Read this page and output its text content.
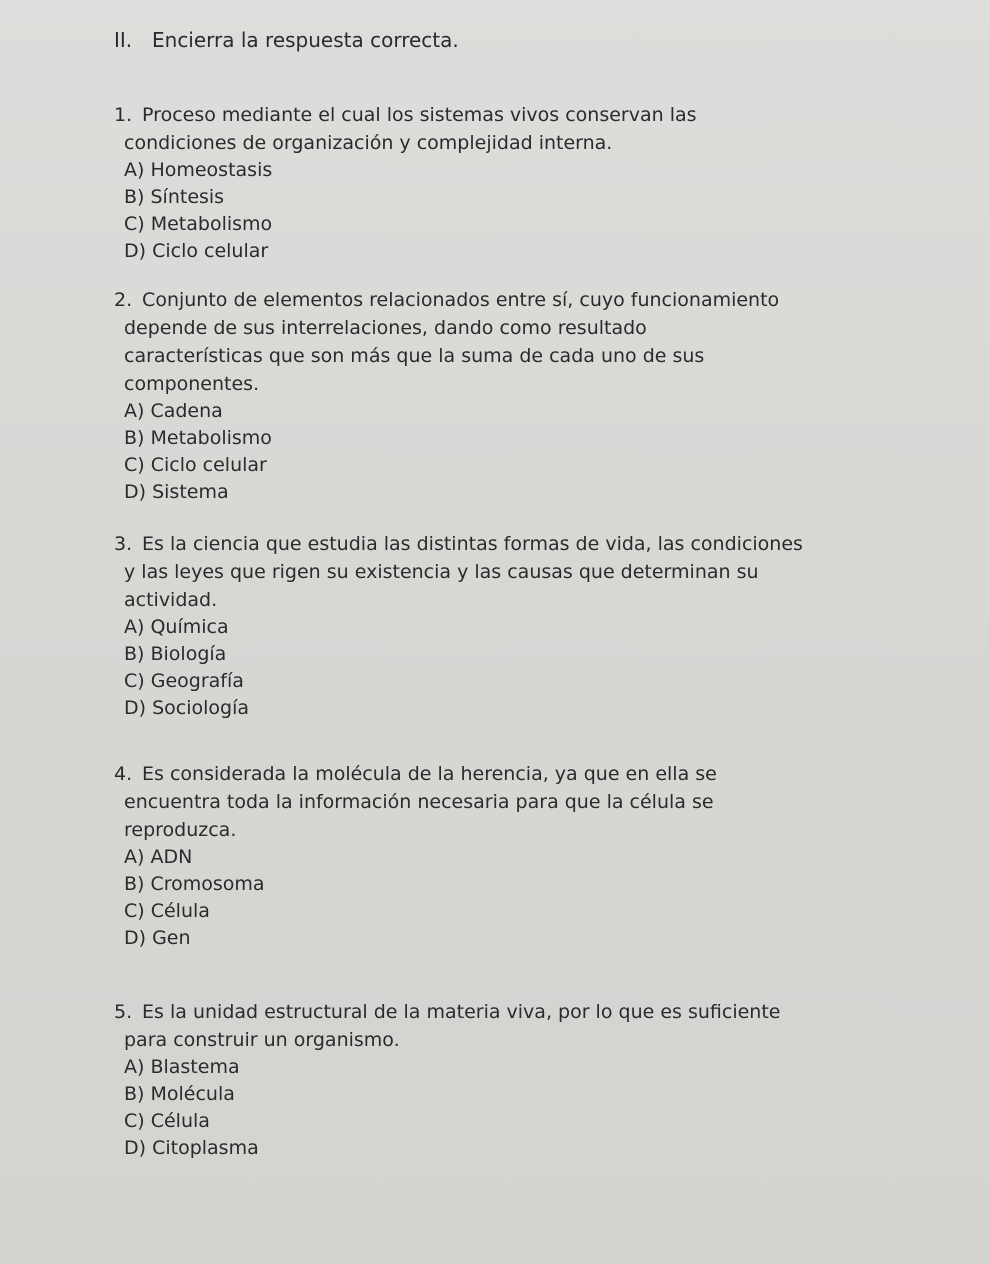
II. Encierra la respuesta correcta.
1. Proceso mediante el cual los sistemas vivos conservan las
condiciones de organización y complejidad interna.
A) Homeostasis
B) Síntesis
C) Metabolismo
D) Ciclo celular
2. Conjunto de elementos relacionados entre sí, cuyo funcionamiento
depende de sus interrelaciones, dando como resultado
características que son más que la suma de cada uno de sus
componentes.
A) Cadena
B) Metabolismo
C) Ciclo celular
D) Sistema
3. Es la ciencia que estudia las distintas formas de vida, las condiciones
y las leyes que rigen su existencia y las causas que determinan su
actividad.
A) Química
B) Biología
C) Geografía
D) Sociología
4. Es considerada la molécula de la herencia, ya que en ella se
encuentra toda la información necesaria para que la célula se
reproduzca.
A) ADN
B) Cromosoma
C) Célula
D) Gen
5. Es la unidad estructural de la materia viva, por lo que es suficiente
para construir un organismo.
A) Blastema
B) Molécula
C) Célula
D) Citoplasma
